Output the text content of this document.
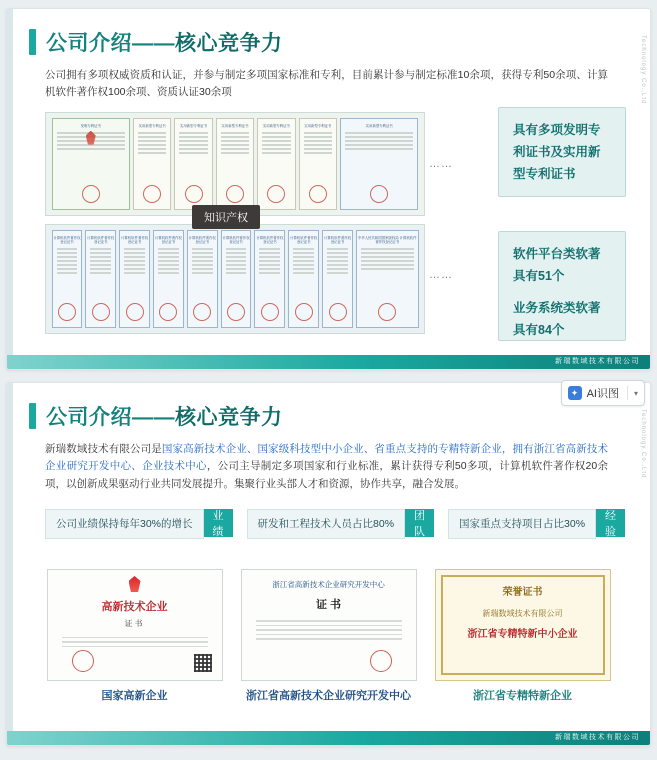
公司介绍——核心竞争力
公司拥有多项权威资质和认证，并参与制定多项国家标准和专利，目前累计参与制定标准10余项，获得专利50余项、计算机软件著作权100余项、资质认证30余项
发明专利证书	实用新型专利证书	实用新型专利证书	实用新型专利证书	实用新型专利证书	实用新型专利证书	实用新型专利证书
……
计算机软件著作权登记证书
计算机软件著作权登记证书
计算机软件著作权登记证书
计算机软件著作权登记证书
计算机软件著作权登记证书
计算机软件著作权登记证书
计算机软件著作权登记证书
计算机软件著作权登记证书
计算机软件著作权登记证书
中华人民共和国国家版权局 计算机软件著作权登记证书
……
知识产权
具有多项发明专利证书及实用新型专利证书
软件平台类软著具有51个
业务系统类软著具有84个
Technology Co.,Ltd
新瑞数域技术有限公司
✦ AI识图 ▾
公司介绍——核心竞争力
新瑞数域技术有限公司是国家高新技术企业、国家级科技型中小企业、省重点支持的专精特新企业，拥有浙江省高新技术企业研究开发中心、企业技术中心，公司主导制定多项国家和行业标准，累计获得专利50多项，计算机软件著作权20余项，以创新成果驱动行业共同发展提升。集聚行业头部人才和资源，协作共享，融合发展。
公司业绩保持每年30%的增长
业绩
研发和工程技术人员占比80%
团队
国家重点支持项目占比30%
经验
高新技术企业
证书
国家高新企业
浙江省高新技术企业研究开发中心
证 书
浙江省高新技术企业研究开发中心
荣誉证书
新瑞数域技术有限公司
浙江省专精特新中小企业
浙江省专精特新企业
Technology Co.,Ltd
新瑞数域技术有限公司
